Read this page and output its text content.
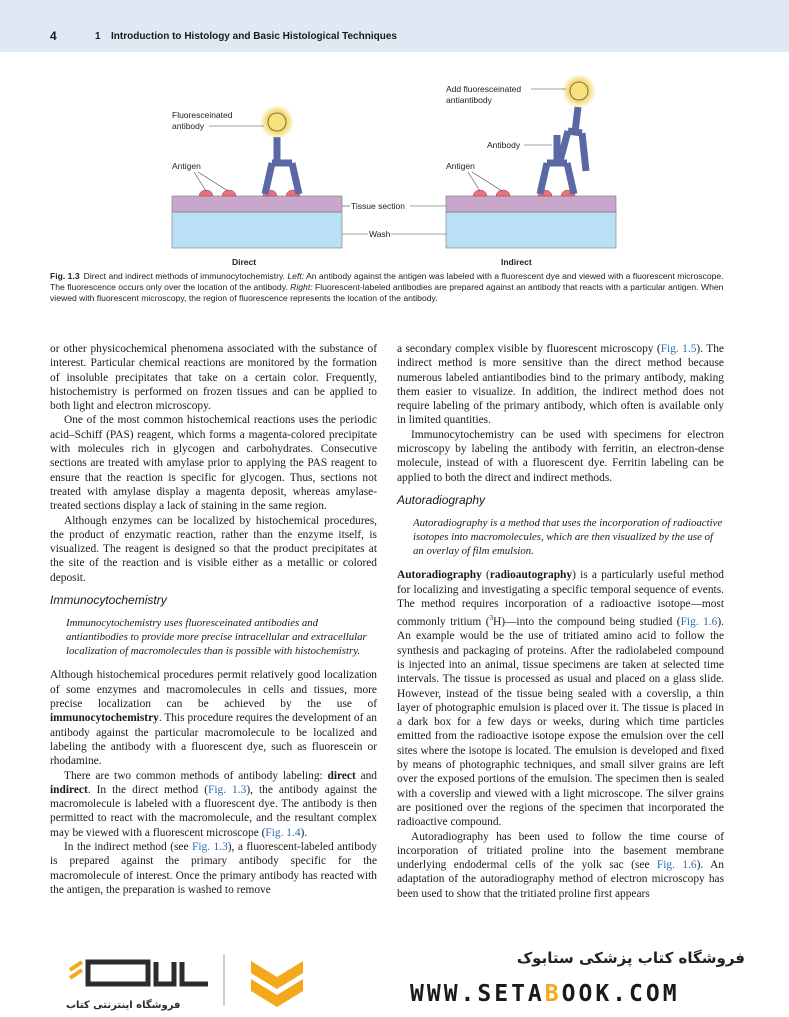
4	1 Introduction to Histology and Basic Histological Techniques
Fluoresceinated
antibody
Antigen
Direct
Add fluoresceinated
antiantibody
Antibody
Antigen
Indirect
Tissue section
Wash
Fig. 1.3 Direct and indirect methods of immunocytochemistry. Left: An antibody against the antigen was labeled with a fluorescent dye and viewed with a fluorescent microscope. The fluorescence occurs only over the location of the antibody. Right: Fluorescent-labeled antibodies are prepared against an antibody that reacts with a particular antigen. When viewed with fluorescent microscopy, the region of fluorescence represents the location of the antibody.

or other physicochemical phenomena associated with the substance of interest. Particular chemical reactions are monitored by the formation of insoluble precipitates that take on a certain color. Frequently, histochemistry is performed on frozen tissues and can be applied to both light and electron microscopy.

One of the most common histochemical reactions uses the periodic acid–Schiff (PAS) reagent, which forms a magenta-colored precipitate with molecules rich in glycogen and carbohydrates. Consecutive sections are treated with amylase prior to applying the PAS reagent to ensure that the reaction is specific for glycogen. Thus, sections not treated with amylase display a magenta deposit, whereas amylase-treated sections display a lack of staining in the same region.

Although enzymes can be localized by histochemical procedures, the product of enzymatic reaction, rather than the enzyme itself, is visualized. The reagent is designed so that the product precipitates at the site of the reaction and is visible either as a metallic or colored deposit.

Immunocytochemistry
Immunocytochemistry uses fluoresceinated antibodies and antiantibodies to provide more precise intracellular and extracellular localization of macromolecules than is possible with histochemistry.

Although histochemical procedures permit relatively good localization of some enzymes and macromolecules in cells and tissues, more precise localization can be achieved by the use of immunocytochemistry. This procedure requires the development of an antibody against the particular macromolecule to be localized and labeling the antibody with a fluorescent dye, such as fluorescein or rhodamine.

There are two common methods of antibody labeling: direct and indirect. In the direct method (Fig. 1.3), the antibody against the macromolecule is labeled with a fluorescent dye. The antibody is then permitted to react with the macromolecule, and the resultant complex may be viewed with a fluorescent microscope (Fig. 1.4).

In the indirect method (see Fig. 1.3), a fluorescent-labeled antibody is prepared against the primary antibody specific for the macromolecule of interest. Once the primary antibody has reacted with the antigen, the preparation is washed to remove

a secondary complex visible by fluorescent microscopy (Fig. 1.5). The indirect method is more sensitive than the direct method because numerous labeled antiantibodies bind to the primary antibody, making them easier to visualize. In addition, the indirect method does not require labeling of the primary antibody, which often is available only in limited quantities.

Immunocytochemistry can be used with specimens for electron microscopy by labeling the antibody with ferritin, an electron-dense molecule, instead of with a fluorescent dye. Ferritin labeling can be applied to both the direct and indirect methods.

Autoradiography
Autoradiography is a method that uses the incorporation of radioactive isotopes into macromolecules, which are then visualized by the use of an overlay of film emulsion.

Autoradiography (radioautography) is a particularly useful method for localizing and investigating a specific temporal sequence of events. The method requires incorporation of a radioactive isotope—most commonly tritium ($^3$H)—into the compound being studied (Fig. 1.6). An example would be the use of tritiated amino acid to follow the synthesis and packaging of proteins. After the radiolabeled compound is injected into an animal, tissue specimens are taken at selected time intervals. The tissue is processed as usual and placed on a glass slide. However, instead of the tissue being sealed with a coverslip, a thin layer of photographic emulsion is placed over it. The tissue is placed in a dark box for a few days or weeks, during which time particles emitted from the radioactive isotope expose the emulsion over the cell sites where the isotope is located. The emulsion is developed and fixed by means of photographic techniques, and small silver grains are left over the exposed portions of the emulsion. The specimen then is sealed with a coverslip and viewed with a light microscope. The silver grains are positioned over the regions of the specimen that incorporated the radioactive compound.

Autoradiography has been used to follow the time course of incorporation of tritiated proline into the basement membrane underlying endodermal cells of the yolk sac (see Fig. 1.6). An adaptation of the autoradiography method of electron microscopy has been used to show that the tritiated proline first appears

فروشگاه اینترنتی کتاب
فروشگاه کتاب پزشکی ستابوک
WWW.SETABOOK.COM
